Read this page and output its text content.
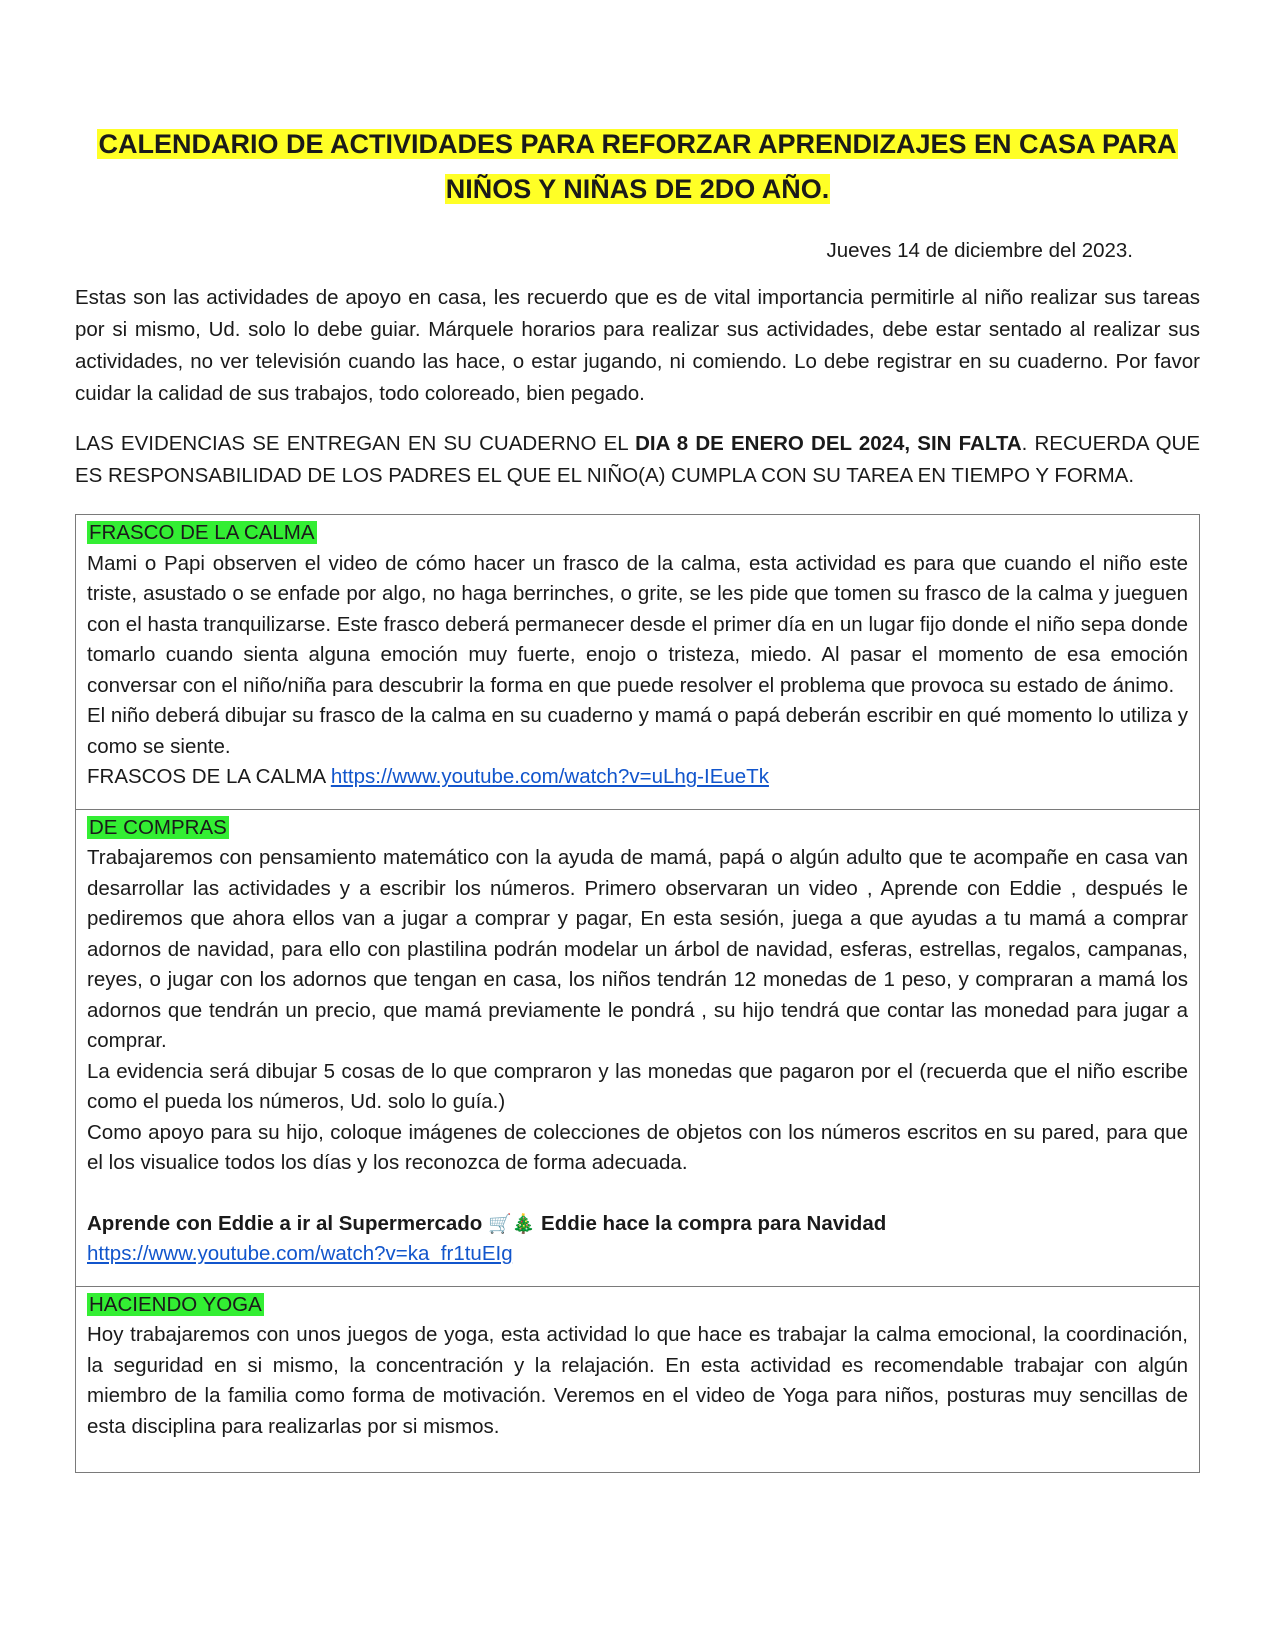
CALENDARIO DE ACTIVIDADES PARA REFORZAR APRENDIZAJES EN CASA PARA
NIÑOS Y NIÑAS DE 2DO AÑO.
Jueves 14 de diciembre del 2023.

Estas son las actividades de apoyo en casa, les recuerdo que es de vital importancia permitirle al niño realizar sus tareas por si mismo, Ud. solo lo debe guiar. Márquele horarios para realizar sus actividades, debe estar sentado al realizar sus actividades, no ver televisión cuando las hace, o estar jugando, ni comiendo. Lo debe registrar en su cuaderno. Por favor cuidar la calidad de sus trabajos, todo coloreado, bien pegado.

LAS EVIDENCIAS SE ENTREGAN EN SU CUADERNO EL DIA 8 DE ENERO DEL 2024, SIN FALTA. RECUERDA QUE ES RESPONSABILIDAD DE LOS PADRES EL QUE EL NIÑO(A) CUMPLA CON SU TAREA EN TIEMPO Y FORMA.

FRASCO DE LA CALMA
Mami o Papi observen el video de cómo hacer un frasco de la calma, esta actividad es para que cuando el niño este triste, asustado o se enfade por algo, no haga berrinches, o grite, se les pide que tomen su frasco de la calma y jueguen con el hasta tranquilizarse. Este frasco deberá permanecer desde el primer día en un lugar fijo donde el niño sepa donde tomarlo cuando sienta alguna emoción muy fuerte, enojo o tristeza, miedo. Al pasar el momento de esa emoción conversar con el niño/niña para descubrir la forma en que puede resolver el problema que provoca su estado de ánimo.
El niño deberá dibujar su frasco de la calma en su cuaderno y mamá o papá deberán escribir en qué momento lo utiliza y como se siente.
FRASCOS DE LA CALMA https://www.youtube.com/watch?v=uLhg-IEueTk

DE COMPRAS
Trabajaremos con pensamiento matemático con la ayuda de mamá, papá o algún adulto que te acompañe en casa van desarrollar las actividades y a escribir los números. Primero observaran un video , Aprende con Eddie , después le pediremos que ahora ellos van a jugar a comprar y pagar, En esta sesión, juega a que ayudas a tu mamá a comprar adornos de navidad, para ello con plastilina podrán modelar un árbol de navidad, esferas, estrellas, regalos, campanas, reyes, o jugar con los adornos que tengan en casa, los niños tendrán 12 monedas de 1 peso, y compraran a mamá los adornos que tendrán un precio, que mamá previamente le pondrá , su hijo tendrá que contar las monedad para jugar a comprar.
La evidencia será dibujar 5 cosas de lo que compraron y las monedas que pagaron por el (recuerda que el niño escribe como el pueda los números, Ud. solo lo guía.)
Como apoyo para su hijo, coloque imágenes de colecciones de objetos con los números escritos en su pared, para que el los visualice todos los días y los reconozca de forma adecuada.
Aprende con Eddie a ir al Supermercado 🛒🎄 Eddie hace la compra para Navidad
https://www.youtube.com/watch?v=ka_fr1tuEIg

HACIENDO YOGA
Hoy trabajaremos con unos juegos de yoga, esta actividad lo que hace es trabajar la calma emocional, la coordinación, la seguridad en si mismo, la concentración y la relajación. En esta actividad es recomendable trabajar con algún miembro de la familia como forma de motivación. Veremos en el video de Yoga para niños, posturas muy sencillas de esta disciplina para realizarlas por si mismos.
